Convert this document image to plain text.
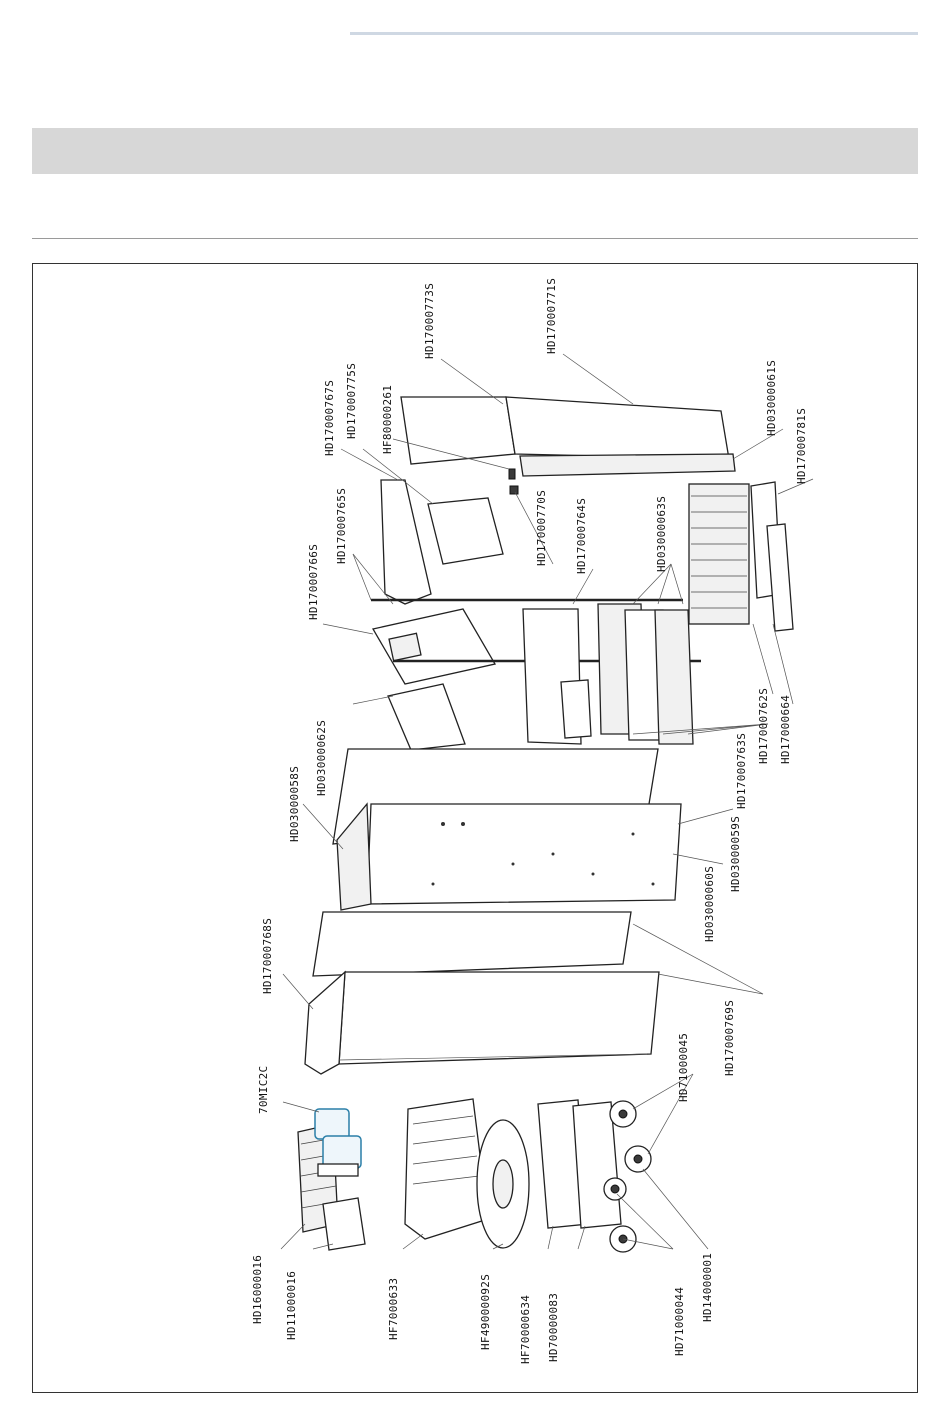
HD17000773S	HD17000771S
HD17000775S
HD17000767S	HF80000261	HD03000061S
HD17000781S
HD17000770S HD17000764S	HD03000063S
HD17000765S
HD17000766S
HD17000762S HD17000664
HD17000763S
HD03000062S
HD03000058S
HD03000059S
HD03000060S
HD17000768S
HD17000769S
70MIC2C	HD71000045
HD16000016 HD11000016	HF7000633	HF49000092S HF70000634 HD70000083	HD71000044 HD14000001
